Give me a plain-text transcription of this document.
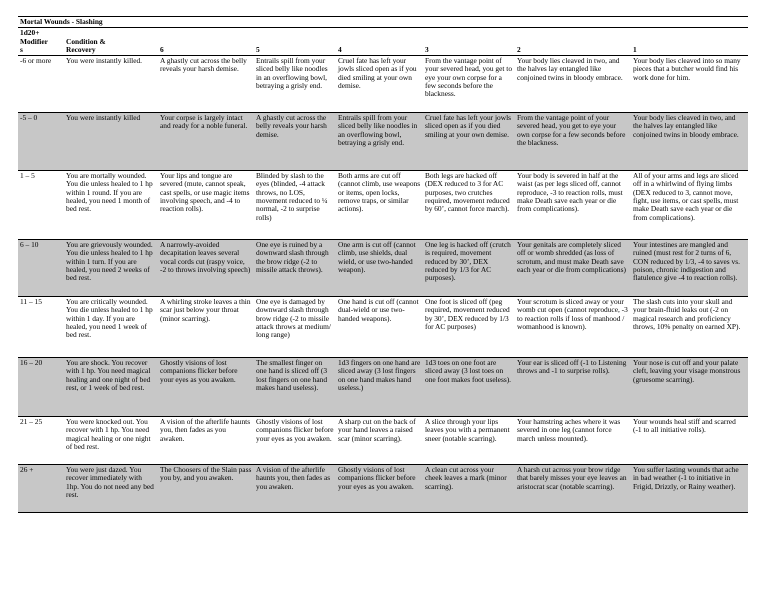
Mortal Wounds - Slashing							
1d20+
Modifier
s	Condition &
Recovery	6	5	4	3	2	1
-6 or more	You were instantly killed.	A ghastly cut across the belly reveals your harsh demise.	Entrails spill from your sliced belly like noodles in an overflowing bowl, betraying a grisly end.	Cruel fate has left your jowls sliced open as if you died smiling at your own demise.	From the vantage point of your severed head, you get to eye your own corpse for a few seconds before the blackness.	Your body lies cleaved in two, and the halves lay entangled like conjoined twins in bloody embrace.	Your body lies cleaved into so many pieces that a butcher would find his work done for him.
-5 – 0	You were instantly killed	Your corpse is largely intact and ready for a noble funeral.	A ghastly cut across the belly reveals your harsh demise.	Entrails spill from your sliced belly like noodles in an overflowing bowl, betraying a grisly end.	Cruel fate has left your jowls sliced open as if you died smiling at your own demise.	From the vantage point of your severed head, you get to eye your own corpse for a few seconds before the blackness.	Your body lies cleaved in two, and the halves lay entangled like conjoined twins in bloody embrace.
1 – 5	You are mortally wounded. You die unless healed to 1 hp within 1 round. If you are healed, you need 1 month of bed rest.	Your lips and tongue are severed (mute, cannot speak, cast spells, or use magic items involving speech, and -4 to reaction rolls).	Blinded by slash to the eyes (blinded, -4 attack throws, no LOS, movement reduced to ¼ normal, -2 to surprise rolls)	Both arms are cut off (cannot climb, use weapons or items, open locks, remove traps, or similar actions).	Both legs are hacked off (DEX reduced to 3 for AC purposes, two crutches required, movement reduced by 60’, cannot force march).	Your body is severed in half at the waist (as per legs sliced off, cannot reproduce, -3 to reaction rolls, must make Death save each year or die from complications).	All of your arms and legs are sliced off in a whirlwind of flying limbs (DEX reduced to 3, cannot move, fight, use items, or cast spells, must make Death save each year or die from complications).
6 – 10	You are grievously wounded. You die unless healed to 1 hp within 1 turn. If you are healed, you need 2 weeks of bed rest.	A narrowly-avoided decapitation leaves several vocal cords cut (raspy voice, -2 to throws involving speech)	One eye is ruined by a downward slash through the brow ridge (-2 to missile attack throws).	One arm is cut off (cannot climb, use shields, dual wield, or use two-handed weapon).	One leg is hacked off (crutch is required, movement reduced by 30’, DEX reduced by 1/3 for AC purposes).	Your genitals are completely sliced off or womb shredded (as loss of scrotum, and must make Death save each year or die from complications)	Your intestines are mangled and ruined (must rest for 2 turns of 6, CON reduced by 1/3, -4 to saves vs. poison, chronic indigestion and flatulence give -4 to reaction rolls).
11 – 15	You are critically wounded. You die unless healed to 1 hp within 1 day. If you are healed, you need 1 week of bed rest.	A whirling stroke leaves a thin scar just below your throat (minor scarring).	One eye is damaged by downward slash through brow ridge (-2 to missile attack throws at medium/ long range)	One hand is cut off (cannot dual-wield or use two-handed weapons).	One foot is sliced off (peg required, movement reduced by 30’, DEX reduced by 1/3 for AC purposes)	Your scrotum is sliced away or your womb cut open (cannot reproduce, -3 to reaction rolls if loss of manhood / womanhood is known).	The slash cuts into your skull and your brain-fluid leaks out (-2 on magical research and proficiency throws, 10% penalty on earned XP).
16 – 20	You are shock. You recover with 1 hp. You need magical healing and one night of bed rest, or 1 week of bed rest.	Ghostly visions of lost companions flicker before your eyes as you awaken.	The smallest finger on one hand is sliced off (3 lost fingers on one hand makes hand useless).	1d3 fingers on one hand are sliced away (3 lost fingers on one hand makes hand useless.)	1d3 toes on one foot are sliced away (3 lost toes on one foot makes foot useless).	Your ear is sliced off (-1 to Listening throws and -1 to surprise rolls).	Your nose is cut off and your palate cleft, leaving your visage monstrous (gruesome scarring).
21 – 25	You were knocked out. You recover with 1 hp. You need magical healing or one night of bed rest.	A vision of the afterlife haunts you, then fades as you awaken.	Ghostly visions of lost companions flicker before your eyes as you awaken.	A sharp cut on the back of your hand leaves a raised scar (minor scarring).	A slice through your lips leaves you with a permanent sneer (notable scarring).	Your hamstring aches where it was severed in one leg (cannot force march unless mounted).	Your wounds heal stiff and scarred (-1 to all initiative rolls).
26 +	You were just dazed. You recover immediately with 1hp. You do not need any bed rest.	The Choosers of the Slain pass you by, and you awaken.	A vision of the afterlife haunts you, then fades as you awaken.	Ghostly visions of lost companions flicker before your eyes as you awaken.	A clean cut across your cheek leaves a mark (minor scarring).	A harsh cut across your brow ridge that barely misses your eye leaves an aristocrat scar (notable scarring).	You suffer lasting wounds that ache in bad weather (-1 to initiative in Frigid, Drizzly, or Rainy weather).
